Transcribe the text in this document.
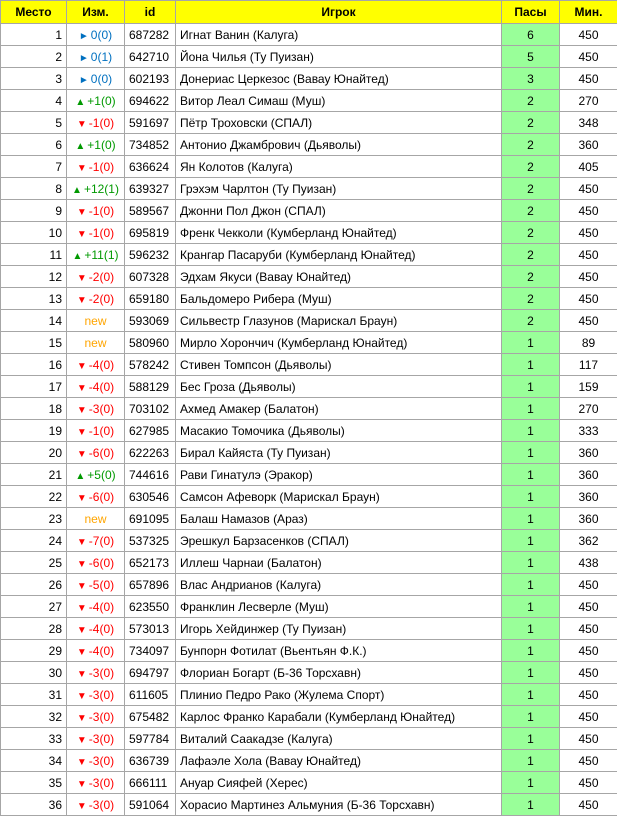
Место	Изм.	id	Игрок	Пасы	Мин.
1	► 0(0)	687282	Игнат Ванин (Калуга)	6	450
2	► 0(1)	642710	Йона Чилья (Ту Пуизан)	5	450
3	► 0(0)	602193	Донериас Церкезос (Вавау Юнайтед)	3	450
4	▲ +1(0)	694622	Витор Леал Симаш (Муш)	2	270
5	▼ -1(0)	591697	Пётр Троховски (СПАЛ)	2	348
6	▲ +1(0)	734852	Антонио Джамбрович (Дьяволы)	2	360
7	▼ -1(0)	636624	Ян Колотов (Калуга)	2	405
8	▲ +12(1)	639327	Грэхэм Чарлтон (Ту Пуизан)	2	450
9	▼ -1(0)	589567	Джонни Пол Джон (СПАЛ)	2	450
10	▼ -1(0)	695819	Френк Чекколи (Кумберланд Юнайтед)	2	450
11	▲ +11(1)	596232	Крангар Пасаруби (Кумберланд Юнайтед)	2	450
12	▼ -2(0)	607328	Эдхам Якуси (Вавау Юнайтед)	2	450
13	▼ -2(0)	659180	Бальдомеро Рибера (Муш)	2	450
14	new	593069	Сильвестр Глазунов (Марискал Браун)	2	450
15	new	580960	Мирло Хорончич (Кумберланд Юнайтед)	1	89
16	▼ -4(0)	578242	Стивен Томпсон (Дьяволы)	1	117
17	▼ -4(0)	588129	Бес Гроза (Дьяволы)	1	159
18	▼ -3(0)	703102	Ахмед Амакер (Балатон)	1	270
19	▼ -1(0)	627985	Масакио Томочика (Дьяволы)	1	333
20	▼ -6(0)	622263	Бирал Кайяста (Ту Пуизан)	1	360
21	▲ +5(0)	744616	Рави Гинатулэ (Эракор)	1	360
22	▼ -6(0)	630546	Самсон Афеворк (Марискал Браун)	1	360
23	new	691095	Балаш Намазов (Араз)	1	360
24	▼ -7(0)	537325	Эрешкул Барзасенков (СПАЛ)	1	362
25	▼ -6(0)	652173	Иллеш Чарнаи (Балатон)	1	438
26	▼ -5(0)	657896	Влас Андрианов (Калуга)	1	450
27	▼ -4(0)	623550	Франклин Лесверле (Муш)	1	450
28	▼ -4(0)	573013	Игорь Хейдинжер (Ту Пуизан)	1	450
29	▼ -4(0)	734097	Бунпорн Фотилат (Вьентьян Ф.К.)	1	450
30	▼ -3(0)	694797	Флориан Богарт (Б-36 Торсхавн)	1	450
31	▼ -3(0)	611605	Плинио Педро Рако (Жулема Спорт)	1	450
32	▼ -3(0)	675482	Карлос Франко Карабали (Кумберланд Юнайтед)	1	450
33	▼ -3(0)	597784	Виталий Саакадзе (Калуга)	1	450
34	▼ -3(0)	636739	Лафаэле Хола (Вавау Юнайтед)	1	450
35	▼ -3(0)	666111	Ануар Сияфей (Херес)	1	450
36	▼ -3(0)	591064	Хорасио Мартинез Альмуния (Б-36 Торсхавн)	1	450
